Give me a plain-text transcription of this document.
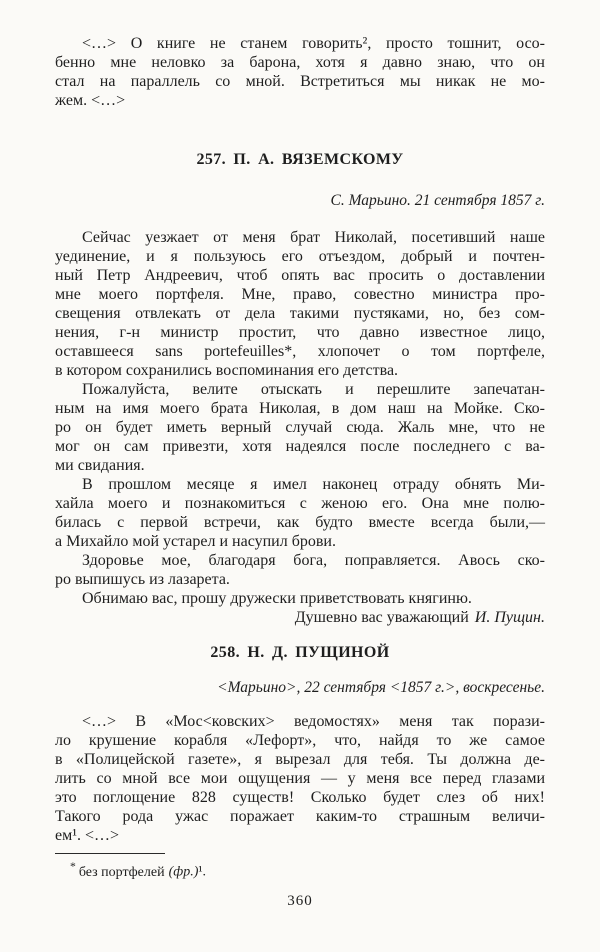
<…> О книге не станем говорить², просто тошнит, осо-
бенно мне неловко за барона, хотя я давно знаю, что он
стал на параллель со мной. Встретиться мы никак не мо-
жем. <…>
257. П. А. ВЯЗЕМСКОМУ
С. Марьино. 21 сентября 1857 г.
Сейчас уезжает от меня брат Николай, посетивший наше
уединение, и я пользуюсь его отъездом, добрый и почтен-
ный Петр Андреевич, чтоб опять вас просить о доставлении
мне моего портфеля. Мне, право, совестно министра про-
свещения отвлекать от дела такими пустяками, но, без сом-
нения, г-н министр простит, что давно известное лицо,
оставшееся sans portefeuilles*, хлопочет о том портфеле,
в котором сохранились воспоминания его детства.
Пожалуйста, велите отыскать и перешлите запечатан-
ным на имя моего брата Николая, в дом наш на Мойке. Ско-
ро он будет иметь верный случай сюда. Жаль мне, что не
мог он сам привезти, хотя надеялся после последнего с ва-
ми свидания.
В прошлом месяце я имел наконец отраду обнять Ми-
хайла моего и познакомиться с женою его. Она мне полю-
билась с первой встречи, как будто вместе всегда были,—
а Михайло мой устарел и насупил брови.
Здоровье мое, благодаря бога, поправляется. Авось ско-
ро выпишусь из лазарета.
Обнимаю вас, прошу дружески приветствовать княгиню.
Душевно вас уважающий И. Пущин.
258. Н. Д. ПУЩИНОЙ
<Марьино>, 22 сентября <1857 г.>, воскресенье.
<…> В «Мос<ковских> ведомостях» меня так порази-
ло крушение корабля «Лефорт», что, найдя то же самое
в «Полицейской газете», я вырезал для тебя. Ты должна де-
лить со мной все мои ощущения — у меня все перед глазами
это поглощение 828 существ! Сколько будет слез об них!
Такого рода ужас поражает каким-то страшным величи-
ем¹. <…>
* без портфелей (фр.)¹.
360
